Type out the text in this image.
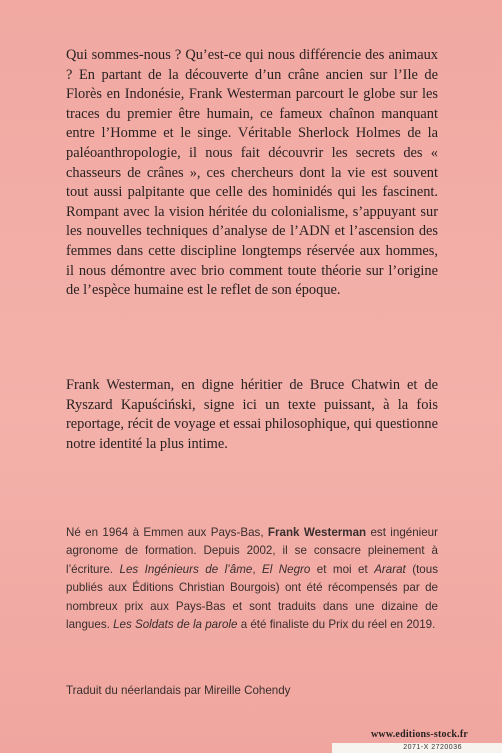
Qui sommes-nous ? Qu’est-ce qui nous différencie des animaux ? En partant de la découverte d’un crâne ancien sur l’Ile de Florès en Indonésie, Frank Westerman parcourt le globe sur les traces du premier être humain, ce fameux chaînon manquant entre l’Homme et le singe. Véritable Sherlock Holmes de la paléoanthropologie, il nous fait découvrir les secrets des « chasseurs de crânes », ces chercheurs dont la vie est souvent tout aussi palpitante que celle des hominidés qui les fascinent. Rompant avec la vision héritée du colonialisme, s’appuyant sur les nouvelles techniques d’analyse de l’ADN et l’ascension des femmes dans cette discipline longtemps réservée aux hommes, il nous démontre avec brio comment toute théorie sur l’origine de l’espèce humaine est le reflet de son époque.

Frank Westerman, en digne héritier de Bruce Chatwin et de Ryszard Kapuściński, signe ici un texte puissant, à la fois reportage, récit de voyage et essai philosophique, qui questionne notre identité la plus intime.

Né en 1964 à Emmen aux Pays-Bas, Frank Westerman est ingénieur agronome de formation. Depuis 2002, il se consacre pleinement à l’écriture. Les Ingénieurs de l’âme, El Negro et moi et Ararat (tous publiés aux Éditions Christian Bourgois) ont été récompensés par de nombreux prix aux Pays-Bas et sont traduits dans une dizaine de langues. Les Soldats de la parole a été finaliste du Prix du réel en 2019.

Traduit du néerlandais par Mireille Cohendy
www.editions-stock.fr
2071-X 2720036
